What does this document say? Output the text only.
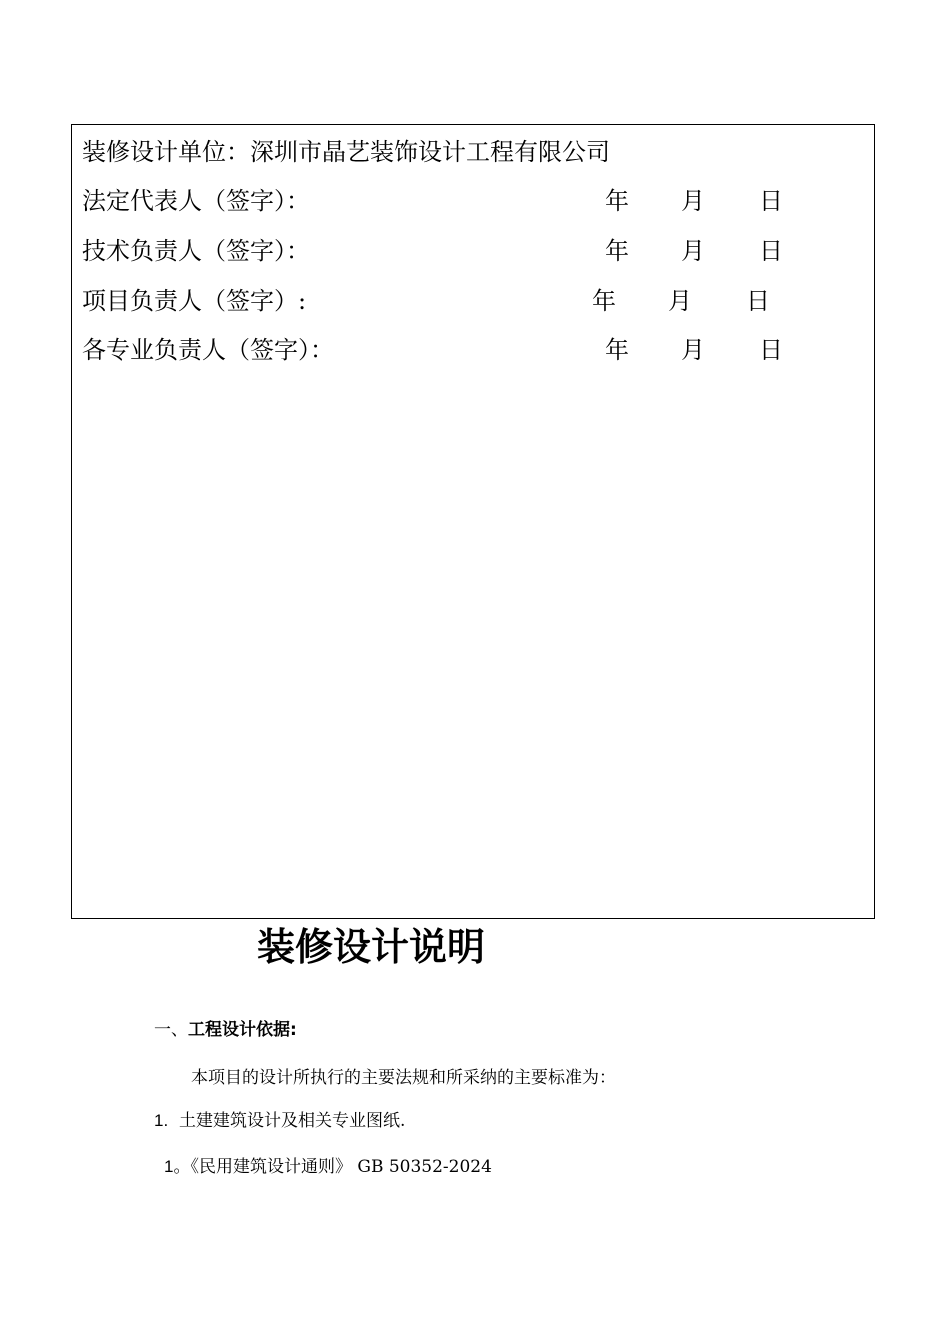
装修设计单位：深圳市晶艺装饰设计工程有限公司
法定代表人（签字）：	年 月 日
技术负责人（签字）：	年 月 日
项目负责人（签字）:	年 月 日
各专业负责人（签字）：	年 月 日
装修设计说明
一、工程设计依据:
本项目的设计所执行的主要法规和所采纳的主要标准为：
1. 土建建筑设计及相关专业图纸.
1。《民用建筑设计通则》 GB 50352-2024
